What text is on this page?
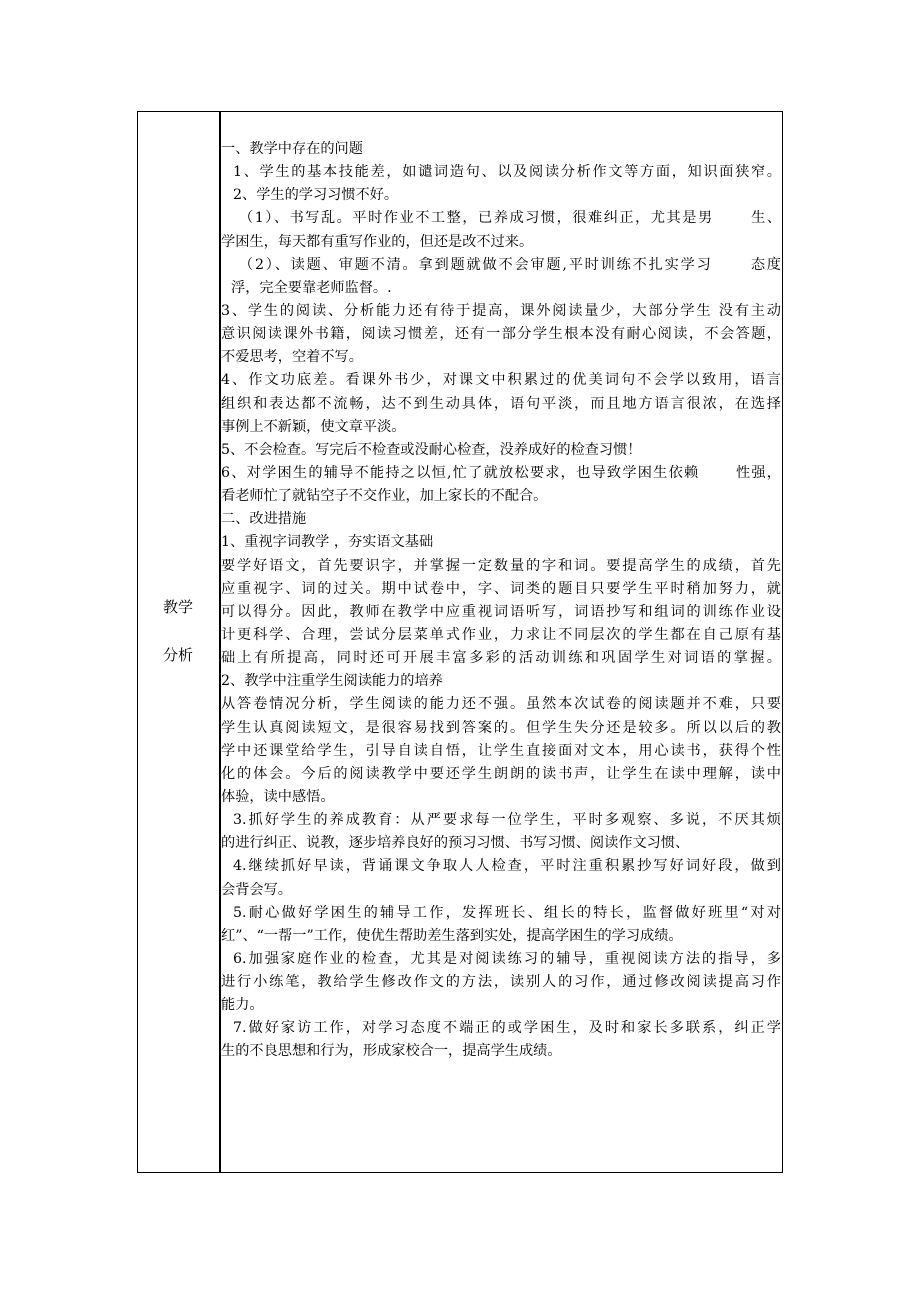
教学
分析
一、教学中存在的问题
1、学生的基本技能差，如谴词造句、以及阅读分析作文等方面，知识面狭窄。
2、学生的学习习惯不好。
（1）、书写乱。平时作业不工整，已养成习惯，很难纠正，尤其是男 　　生、
学困生，每天都有重写作业的，但还是改不过来。
（2）、读题、审题不清。拿到题就做不会审题,平时训练不扎实学习　　 态度
浮，完全要靠老师监督。.
3、学生的阅读、分析能力还有待于提高，课外阅读量少，大部分学生 没有主动
意识阅读课外书籍，阅读习惯差，还有一部分学生根本没有耐心阅读，不会答题，
不爱思考，空着不写。
4、作文功底差。看课外书少，对课文中积累过的优美词句不会学以致用，语言
组织和表达都不流畅，达不到生动具体，语句平淡，而且地方语言很浓，在选择
事例上不新颖，使文章平淡。
5、不会检查。写完后不检查或没耐心检查，没养成好的检查习惯！
6、对学困生的辅导不能持之以恒,忙了就放松要求，也导致学困生依赖　　 性强，
看老师忙了就钻空子不交作业，加上家长的不配合。
二、改进措施
1、重视字词教学 ，夯实语文基础
要学好语文，首先要识字，并掌握一定数量的字和词。要提高学生的成绩，首先
应重视字、词的过关。期中试卷中，字、词类的题目只要学生平时稍加努力，就
可以得分。因此，教师在教学中应重视词语听写，词语抄写和组词的训练作业设
计更科学、合理，尝试分层菜单式作业，力求让不同层次的学生都在自己原有基
础上有所提高，同时还可开展丰富多彩的活动训练和巩固学生对词语的掌握。
2、教学中注重学生阅读能力的培养
从答卷情况分析，学生阅读的能力还不强。虽然本次试卷的阅读题并不难，只要
学生认真阅读短文，是很容易找到答案的。但学生失分还是较多。所以以后的教
学中还课堂给学生，引导自读自悟，让学生直接面对文本，用心读书，获得个性
化的体会。今后的阅读教学中要还学生朗朗的读书声，让学生在读中理解，读中
体验，读中感悟。
3.抓好学生的养成教育：从严要求每一位学生，平时多观察、多说，不厌其烦
的进行纠正、说教，逐步培养良好的预习习惯、书写习惯、阅读作文习惯、
4.继续抓好早读，背诵课文争取人人检查，平时注重积累抄写好词好段，做到
会背会写。
5.耐心做好学困生的辅导工作，发挥班长、组长的特长，监督做好班里“对对
红”、“一帮一”工作，使优生帮助差生落到实处，提高学困生的学习成绩。
6.加强家庭作业的检查，尤其是对阅读练习的辅导，重视阅读方法的指导，多
进行小练笔，教给学生修改作文的方法，读别人的习作，通过修改阅读提高习作
能力。
7.做好家访工作，对学习态度不端正的或学困生，及时和家长多联系，纠正学
生的不良思想和行为，形成家校合一，提高学生成绩。
